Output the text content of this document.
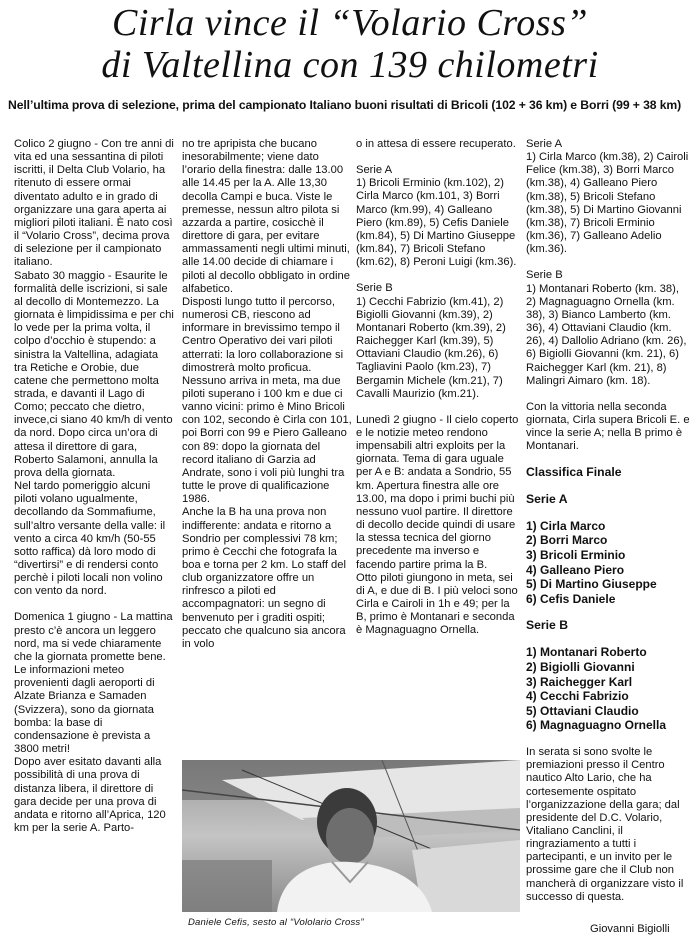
Cirla vince il “Volario Cross”
di Valtellina con 139 chilometri

Nell’ultima prova di selezione, prima del campionato Italiano buoni risultati di Bricoli (102 + 36 km) e Borri (99 + 38 km)

Colico 2 giugno - Con tre anni di vita ed una sessantina di piloti iscritti, il Delta Club Volario, ha ritenuto di essere ormai diventato adulto e in grado di organizzare una gara aperta ai migliori piloti italiani. È nato così il “Volario Cross”, decima prova di selezione per il campionato italiano.

Sabato 30 maggio - Esaurite le formalità delle iscrizioni, si sale al decollo di Montemezzo. La giornata è limpidissima e per chi lo vede per la prima volta, il colpo d’occhio è stupendo: a sinistra la Valtellina, adagiata tra Retiche e Orobie, due catene che permettono molta strada, e davanti il Lago di Como; peccato che dietro, invece,ci siano 40 km/h di vento da nord. Dopo circa un’ora di attesa il direttore di gara, Roberto Salamoni, annulla la prova della giornata.

Nel tardo pomeriggio alcuni piloti volano ugualmente, decollando da Sommafiume, sull’altro versante della valle: il vento a circa 40 km/h (50-55 sotto raffica) dà loro modo di “divertirsi” e di rendersi conto perchè i piloti locali non volino con vento da nord.

Domenica 1 giugno - La mattina presto c’è ancora un leggero nord, ma si vede chiaramente che la giornata promette bene. Le informazioni meteo provenienti dagli aeroporti di Alzate Brianza e Samaden (Svizzera), sono da giornata bomba: la base di condensazione è prevista a 3800 metri!

Dopo aver esitato davanti alla possibilità di una prova di distanza libera, il direttore di gara decide per una prova di andata e ritorno all’Aprica, 120 km per la serie A. Parto-

no tre apripista che bucano inesorabilmente; viene dato l’orario della finestra: dalle 13.00 alle 14.45 per la A. Alle 13,30 decolla Campi e buca. Viste le premesse, nessun altro pilota si azzarda a partire, cosicchè il direttore di gara, per evitare ammassamenti negli ultimi minuti, alle 14.00 decide di chiamare i piloti al decollo obbligato in ordine alfabetico.

Disposti lungo tutto il percorso, numerosi CB, riescono ad informare in brevissimo tempo il Centro Operativo dei vari piloti atterrati: la loro collaborazione si dimostrerà molto proficua.

Nessuno arriva in meta, ma due piloti superano i 100 km e due ci vanno vicini: primo è Mino Bricoli con 102, secondo è Cirla con 101, poi Borri con 99 e Piero Galleano con 89: dopo la giornata del record italiano di Garzia ad Andrate, sono i voli più lunghi tra tutte le prove di qualificazione 1986.

Anche la B ha una prova non indifferente: andata e ritorno a Sondrio per complessivi 78 km; primo è Cecchi che fotografa la boa e torna per 2 km. Lo staff del club organizzatore offre un rinfresco a piloti ed accompagnatori: un segno di benvenuto per i graditi ospiti; peccato che qualcuno sia ancora in volo

o in attesa di essere recuperato.

Serie A

1) Bricoli Erminio (km.102), 2) Cirla Marco (km.101, 3) Borri Marco (km.99), 4) Galleano Piero (km.89), 5) Cefis Daniele (km.84), 5) Di Martino Giuseppe (km.84), 7) Bricoli Stefano (km.62), 8) Peroni Luigi (km.36).

Serie B

1) Cecchi Fabrizio (km.41), 2) Bigiolli Giovanni (km.39), 2) Montanari Roberto (km.39), 2) Raichegger Karl (km.39), 5) Ottaviani Claudio (km.26), 6) Tagliavini Paolo (km.23), 7) Bergamin Michele (km.21), 7) Cavalli Maurizio (km.21).

Lunedì 2 giugno - Il cielo coperto e le notizie meteo rendono impensabili altri exploits per la giornata. Tema di gara uguale per A e B: andata a Sondrio, 55 km. Apertura finestra alle ore 13.00, ma dopo i primi buchi più nessuno vuol partire. Il direttore di decollo decide quindi di usare la stessa tecnica del giorno precedente ma inverso e facendo partire prima la B.

Otto piloti giungono in meta, sei di A, e due di B. I più veloci sono Cirla e Cairoli in 1h e 49; per la B, primo è Montanari e seconda è Magnaguagno Ornella.

Serie A

1) Cirla Marco (km.38), 2) Cairoli Felice (km.38), 3) Borri Marco (km.38), 4) Galleano Piero (km.38), 5) Bricoli Stefano (km.38), 5) Di Martino Giovanni (km.38), 7) Bricoli Erminio (km.36), 7) Galleano Adelio (km.36).

Serie B

1) Montanari Roberto (km. 38), 2) Magnaguagno Ornella (km. 38), 3) Bianco Lamberto (km. 36), 4) Ottaviani Claudio (km. 26), 4) Dallolio Adriano (km. 26), 6) Bigiolli Giovanni (km. 21), 6) Raichegger Karl (km. 21), 8) Malingri Aimaro (km. 18).

Con la vittoria nella seconda giornata, Cirla supera Bricoli E. e vince la serie A; nella B primo è Montanari.

Classifica Finale

Serie A

1) Cirla Marco
2) Borri Marco
3) Bricoli Erminio
4) Galleano Piero
5) Di Martino Giuseppe
6) Cefis Daniele

Serie B

1) Montanari Roberto
2) Bigiolli Giovanni
3) Raichegger Karl
4) Cecchi Fabrizio
5) Ottaviani Claudio
6) Magnaguagno Ornella

In serata si sono svolte le premiazioni presso il Centro nautico Alto Lario, che ha cortesemente ospitato l’organizzazione della gara; dal presidente del D.C. Volario, Vitaliano Canclini, il ringraziamento a tutti i partecipanti, e un invito per le prossime gare che il Club non mancherà di organizzare visto il successo di questa.

Daniele Cefis, sesto al “Vololario Cross”
Giovanni Bigiolli
